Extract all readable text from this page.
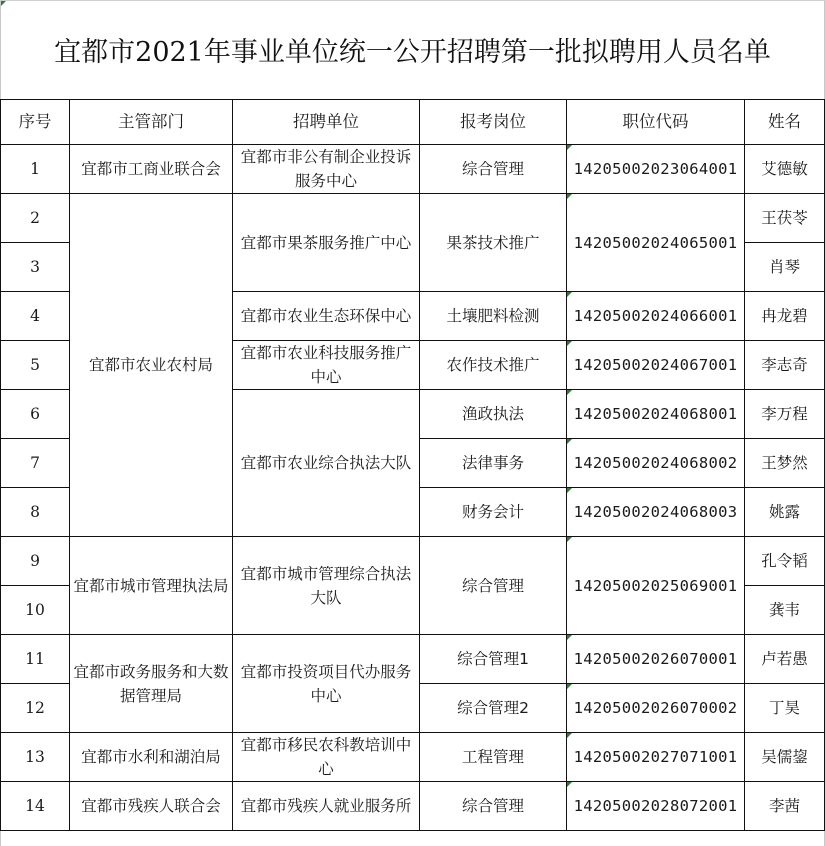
宜都市2021年事业单位统一公开招聘第一批拟聘用人员名单
序号	主管部门	招聘单位	报考岗位	职位代码	姓名
1	宜都市工商业联合会	宜都市非公有制企业投诉服务中心	综合管理	14205002023064001	艾德敏
2	宜都市农业农村局	宜都市果茶服务推广中心	果茶技术推广	14205002024065001	王茯苓
3					肖琴
4		宜都市农业生态环保中心	土壤肥料检测	14205002024066001	冉龙碧
5		宜都市农业科技服务推广中心	农作技术推广	14205002024067001	李志奇
6		宜都市农业综合执法大队	渔政执法	14205002024068001	李万程
7			法律事务	14205002024068002	王梦然
8			财务会计	14205002024068003	姚露
9	宜都市城市管理执法局	宜都市城市管理综合执法大队	综合管理	14205002025069001	孔令韬
10					龚韦
11	宜都市政务服务和大数据管理局	宜都市投资项目代办服务中心	综合管理1	14205002026070001	卢若愚
12			综合管理2	14205002026070002	丁昊
13	宜都市水利和湖泊局	宜都市移民农科教培训中心	工程管理	14205002027071001	吴儒鋆
14	宜都市残疾人联合会	宜都市残疾人就业服务所	综合管理	14205002028072001	李茜
